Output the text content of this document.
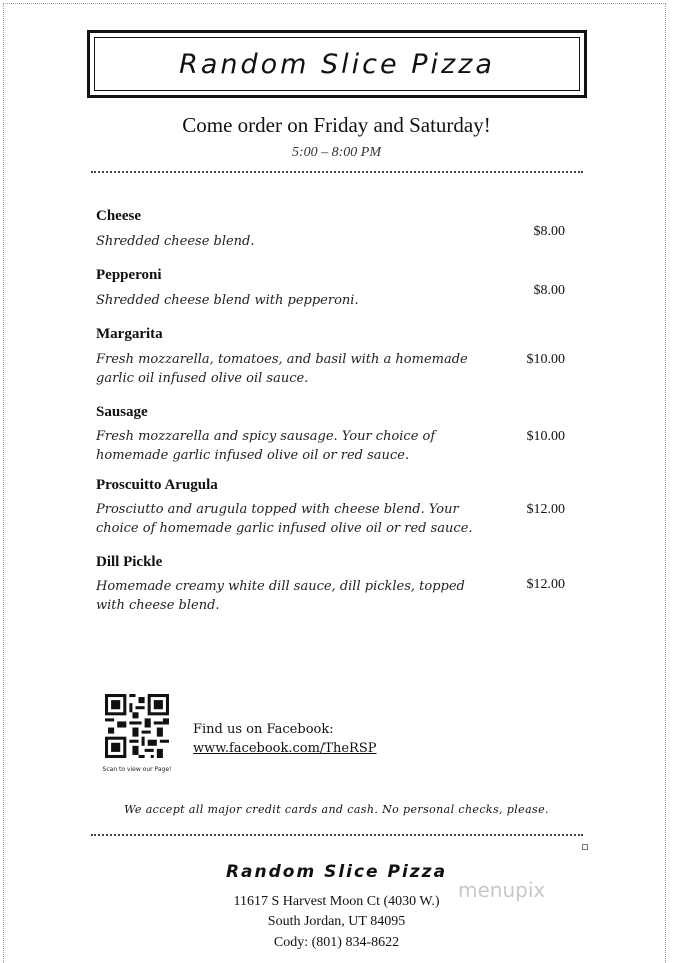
Random Slice Pizza
Come order on Friday and Saturday!
5:00 – 8:00 PM
Cheese
Shredded cheese blend.
$8.00
Pepperoni
Shredded cheese blend with pepperoni.
$8.00
Margarita
Fresh mozzarella, tomatoes, and basil with a homemade
garlic oil infused olive oil sauce.
$10.00
Sausage
Fresh mozzarella and spicy sausage. Your choice of
homemade garlic infused olive oil or red sauce.
$10.00
Proscuitto Arugula
Prosciutto and arugula topped with cheese blend. Your
choice of homemade garlic infused olive oil or red sauce.
$12.00
Dill Pickle
Homemade creamy white dill sauce, dill pickles, topped
with cheese blend.
$12.00
Scan to view our Page!
Find us on Facebook:
www.facebook.com/TheRSP
We accept all major credit cards and cash. No personal checks, please.
Random Slice Pizza
11617 S Harvest Moon Ct (4030 W.)
South Jordan, UT 84095
Cody: (801) 834-8622
menupix
